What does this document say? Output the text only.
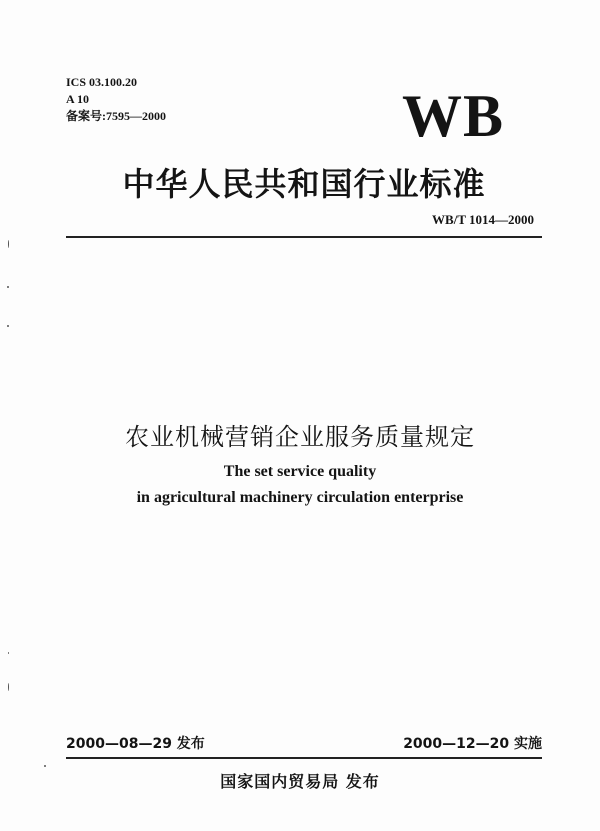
ICS 03.100.20
A 10
备案号:7595—2000	WB
中华人民共和国行业标准
WB/T 1014—2000
农业机械营销企业服务质量规定
The set service quality
in agricultural machinery circulation enterprise
2000—08—29 发布	2000—12—20 实施
国家国内贸易局 发布
